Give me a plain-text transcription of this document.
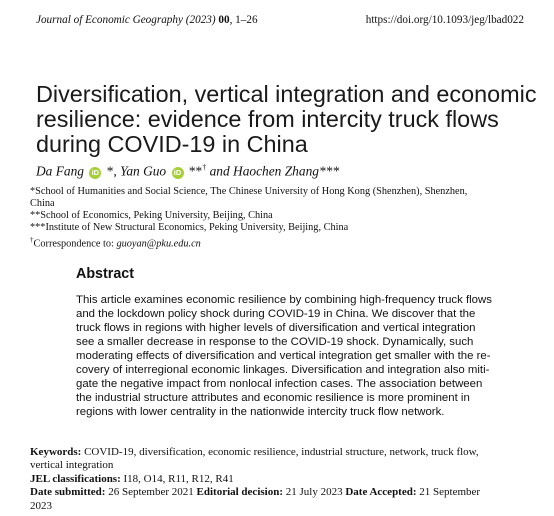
Journal of Economic Geography (2023) 00, 1–26	https://doi.org/10.1093/jeg/lbad022
Diversification, vertical integration and economic
resilience: evidence from intercity truck flows
during COVID-19 in China
Da Fang iD *, Yan Guo iD **† and Haochen Zhang***
*School of Humanities and Social Science, The Chinese University of Hong Kong (Shenzhen), Shenzhen,
China
**School of Economics, Peking University, Beijing, China
***Institute of New Structural Economics, Peking University, Beijing, China
†Correspondence to: guoyan@pku.edu.cn
Abstract
This article examines economic resilience by combining high-frequency truck flows
and the lockdown policy shock during COVID-19 in China. We discover that the
truck flows in regions with higher levels of diversification and vertical integration
see a smaller decrease in response to the COVID-19 shock. Dynamically, such
moderating effects of diversification and vertical integration get smaller with the re-
covery of interregional economic linkages. Diversification and integration also miti-
gate the negative impact from nonlocal infection cases. The association between
the industrial structure attributes and economic resilience is more prominent in
regions with lower centrality in the nationwide intercity truck flow network.
Keywords: COVID-19, diversification, economic resilience, industrial structure, network, truck flow,
vertical integration
JEL classifications: I18, O14, R11, R12, R41
Date submitted: 26 September 2021 Editorial decision: 21 July 2023 Date Accepted: 21 September
2023
